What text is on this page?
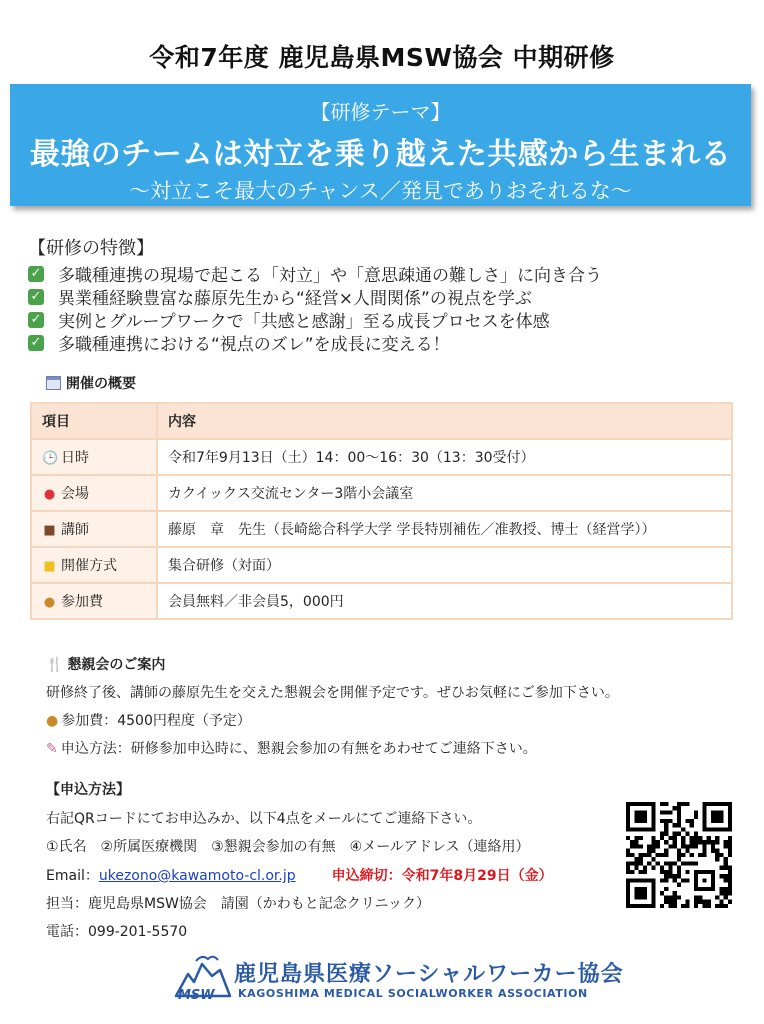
令和7年度 鹿児島県MSW協会 中期研修
【研修テーマ】
最強のチームは対立を乗り越えた共感から生まれる
〜対立こそ最大のチャンス／発見でありおそれるな〜
【研修の特徴】
✓ 多職種連携の現場で起こる「対立」や「意思疎通の難しさ」に向き合う
✓ 異業種経験豊富な藤原先生から“経営×人間関係”の視点を学ぶ
✓ 実例とグループワークで「共感と感謝」至る成長プロセスを体感
✓ 多職種連携における“視点のズレ”を成長に変える！
開催の概要
項目	内容
🕒 日時	令和7年9月13日（土）14：00〜16：30（13：30受付）
● 会場	カクイックス交流センター3階小会議室
■ 講師	藤原　章　先生（長崎総合科学大学 学長特別補佐／准教授、博士（経営学））
■ 開催方式	集合研修（対面）
● 参加費	会員無料／非会員5，000円
🍴 懇親会のご案内
研修終了後、講師の藤原先生を交えた懇親会を開催予定です。ぜひお気軽にご参加下さい。
● 参加費：4500円程度（予定）
✎ 申込方法：研修参加申込時に、懇親会参加の有無をあわせてご連絡下さい。
【申込方法】
右記QRコードにてお申込みか、以下4点をメールにてご連絡下さい。
①氏名　②所属医療機関　③懇親会参加の有無　④メールアドレス（連絡用）
Email：ukezono@kawamoto-cl.or.jp	申込締切：令和7年8月29日（金）
担当：鹿児島県MSW協会　請園（かわもと記念クリニック）
電話：099-201-5570
MSW
鹿児島県医療ソーシャルワーカー協会
KAGOSHIMA MEDICAL SOCIALWORKER ASSOCIATION
